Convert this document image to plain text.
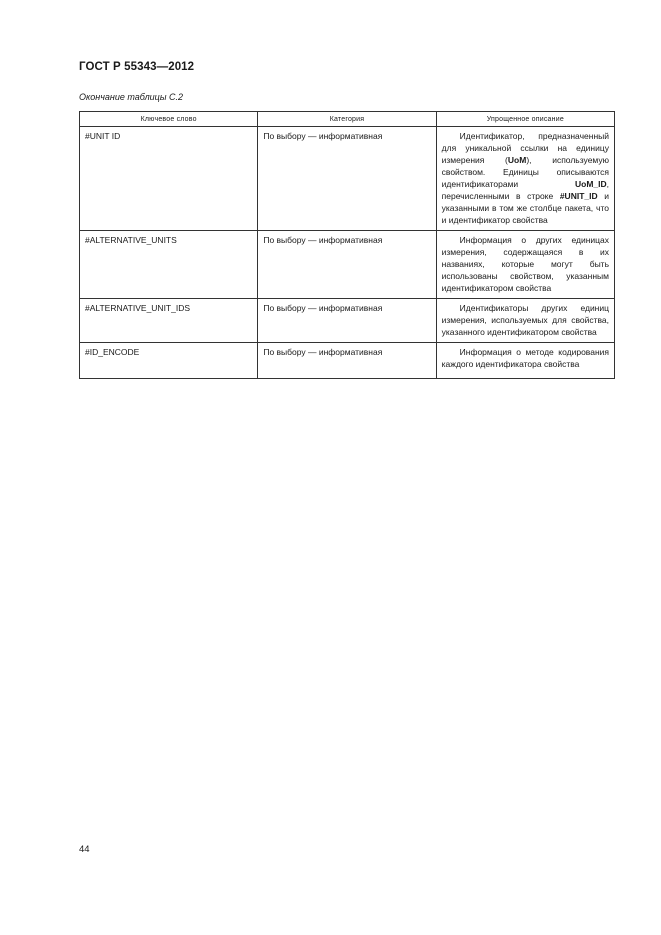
ГОСТ Р 55343—2012
Окончание таблицы С.2
Ключевое слово	Категория	Упрощенное описание
#UNIT ID	По выбору — информативная	Идентификатор, предназначенный для уникальной ссылки на единицу измерения (UoM), используемую свойством. Единицы описываются идентификаторами UoM_ID, перечисленными в строке #UNIT_ID и указанными в том же столбце пакета, что и идентификатор свойства
#ALTERNATIVE_UNITS	По выбору — информативная	Информация о других единицах измерения, содержащаяся в их названиях, которые могут быть использованы свойством, указанным идентификатором свойства
#ALTERNATIVE_UNIT_IDS	По выбору — информативная	Идентификаторы других единиц измерения, используемых для свойства, указанного идентификатором свойства
#ID_ENCODE	По выбору — информативная	Информация о методе кодирования каждого идентификатора свойства
44
